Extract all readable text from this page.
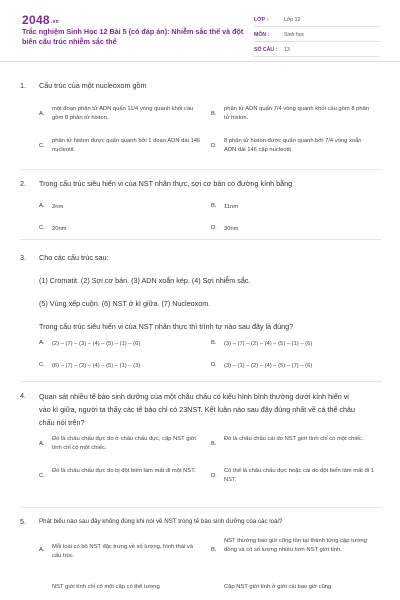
2048.vn
Trắc nghiệm Sinh Học 12 Bài 5 (có đáp án): Nhiễm sắc thể và đột biến cấu trúc nhiễm sắc thể
LỚP :	Lớp 12
MÔN :	Sinh học
SỐ CÂU : 13
1. Cấu trúc của một nucleoxom gồm
A.
một đoạn phân tử ADN quấn 11/4 vòng quanh khối cầu gồm 8 phân tử histon.
B.
phân tử ADN quấn 7/4 vòng quanh khối cầu gồm 8 phân tử histon.
C.
phân tử histon được quấn quanh bởi 1 đoạn ADN dài 146 nucleotit.
D.
8 phân tử histon được quấn quanh bởi 7/4 vòng xoắn ADN dài 146 cặp nucleotit
2. Trong cấu trúc siêu hiển vi của NST nhân thực, sợi cơ bản có đường kính bằng
A. 2nm	B. 11nm
C. 20nm	D. 30nm
3. Cho các cấu trúc sau:
(1) Cromatit. (2) Sợi cơ bản. (3) ADN xoắn kép. (4) Sợi nhiễm sắc.
(5) Vùng xếp cuộn. (6) NST ở kì giữa. (7) Nucleoxom.
Trong cấu trúc siêu hiển vi của NST nhân thực thì trình tự nào sau đây là đúng?
A. (2) – (7) – (3) – (4) – (5) – (1) – (6)	B. (3) – (7) – (2) – (4) – (5) – (1) – (6)
C. (6) – (7) – (2) – (4) – (5) – (1) – (3)	D. (3) – (1) – (2) – (4) – (5) – (7) – (6)
4. Quan sát nhiều tế bào sinh dưỡng của một châu chấu có kiểu hình bình thường dưới kính hiển vi vào kì giữa, người ta thấy các tế bào chỉ có 23NST. Kết luận nào sau đây đúng nhất về cá thể châu chấu nói trên?
A.
Đó là châu chấu đực do ở châu chấu đực, cặp NST giới tính chỉ có một chiếc.
B.
Đó là châu chấu cái do NST giới tính chỉ có một chiếc.
C.
Đó là châu chấu đực do bị đột biến làm mất đi một NST.
D.
Có thể là châu chấu đực hoặc cái do đột biến làm mất đi 1 NST.
5. Phát biểu nào sau đây không đúng khi nói về NST trong tế bào sinh dưỡng của các loài?
A. Mỗi loài có bộ NST đặc trưng về số lượng, hình thái và cấu trúc.
B.
NST thường bao giờ cũng tồn tại thành từng cặp tương đồng và có số lượng nhiều hơn NST giới tính.
NST giới tính chỉ có một cặp có thể tương	Cặp NST giới tính ở giới cái bao giờ cũng
